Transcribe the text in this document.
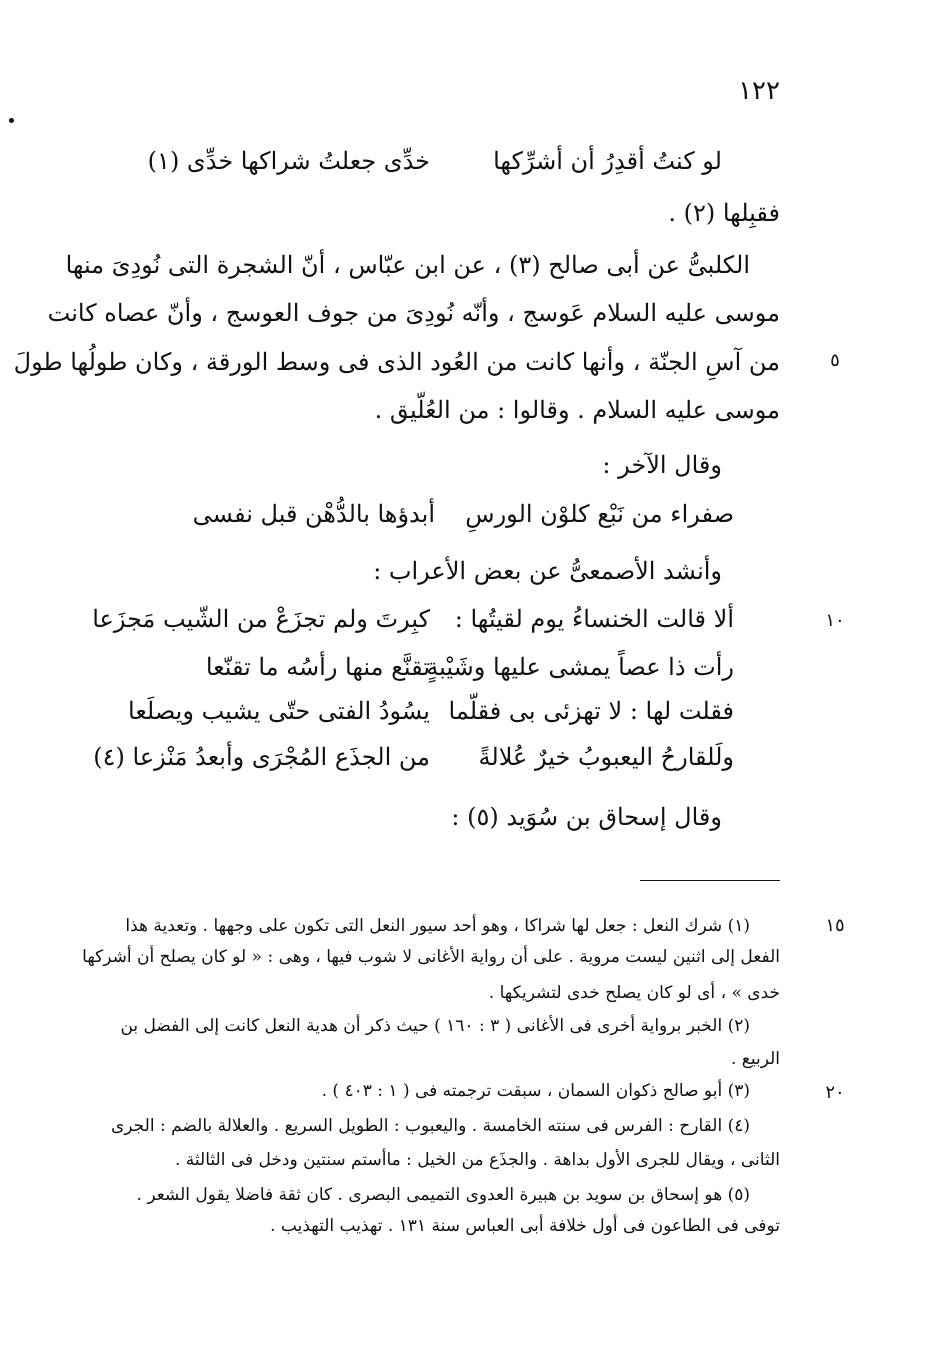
١٢٢
لو كنتُ أقدِرُ أن أشرِّكها
خدِّى جعلتُ شراكها خدِّى (١)
فقبِلها (٢) .
الكلبىُّ عن أبى صالح (٣) ، عن ابن عبّاس ، أنّ الشجرة التى نُودِىَ منها
موسى عليه السلام عَوسج ، وأنّه نُودِىَ من جوف العوسج ، وأنّ عصاه كانت
من آسِ الجنّة ، وأنها كانت من العُود الذى فى وسط الورقة ، وكان طولُها طولَ	٥
موسى عليه السلام . وقالوا : من العُلّيق .
وقال الآخر :
صفراء من نَبْع كلوْن الورسِ
أبدؤها بالدُّهْن قبل نفسى
وأنشد الأصمعىُّ عن بعض الأعراب :
ألا قالت الخنساءُ يوم لقيتُها :
كبِرتَ ولم تجزَعْ من الشّيب مَجزَعا	١٠
رأت ذا عصاً يمشى عليها وشَيْبةٍ
تقنَّع منها رأسُه ما تقنّعا
فقلت لها : لا تهزئى بى فقلّما
يسُودُ الفتى حتّى يشيب ويصلَعا
ولَلقارحُ اليعبوبُ خيرٌ عُلالةً
من الجذَع المُجْرَى وأبعدُ مَنْزعا (٤)
وقال إسحاق بن سُوَيد (٥) :
(١) شرك النعل : جعل لها شراكا ، وهو أحد سيور النعل التى تكون على وجهها . وتعدية هذا	١٥
الفعل إلى اثنين ليست مروية . على أن رواية الأغانى لا شوب فيها ، وهى : « لو كان يصلح أن أشركها
خدى » ، أى لو كان يصلح خدى لتشريكها .
(٢) الخبر برواية أخرى فى الأغانى ( ٣ : ١٦٠ ) حيث ذكر أن هدية النعل كانت إلى الفضل بن
الربيع .
(٣) أبو صالح ذكوان السمان ، سبقت ترجمته فى ( ١ : ٤٠٣ ) .	٢٠
(٤) القارح : الفرس فى سنته الخامسة . واليعبوب : الطويل السريع . والعلالة بالضم : الجرى
الثانى ، ويقال للجرى الأول بداهة . والجذَع من الخيل : ماأستم سنتين ودخل فى الثالثة .
(٥) هو إسحاق بن سويد بن هبيرة العدوى التميمى البصرى . كان ثقة فاضلا يقول الشعر .
توفى فى الطاعون فى أول خلافة أبى العباس سنة ١٣١ . تهذيب التهذيب .
